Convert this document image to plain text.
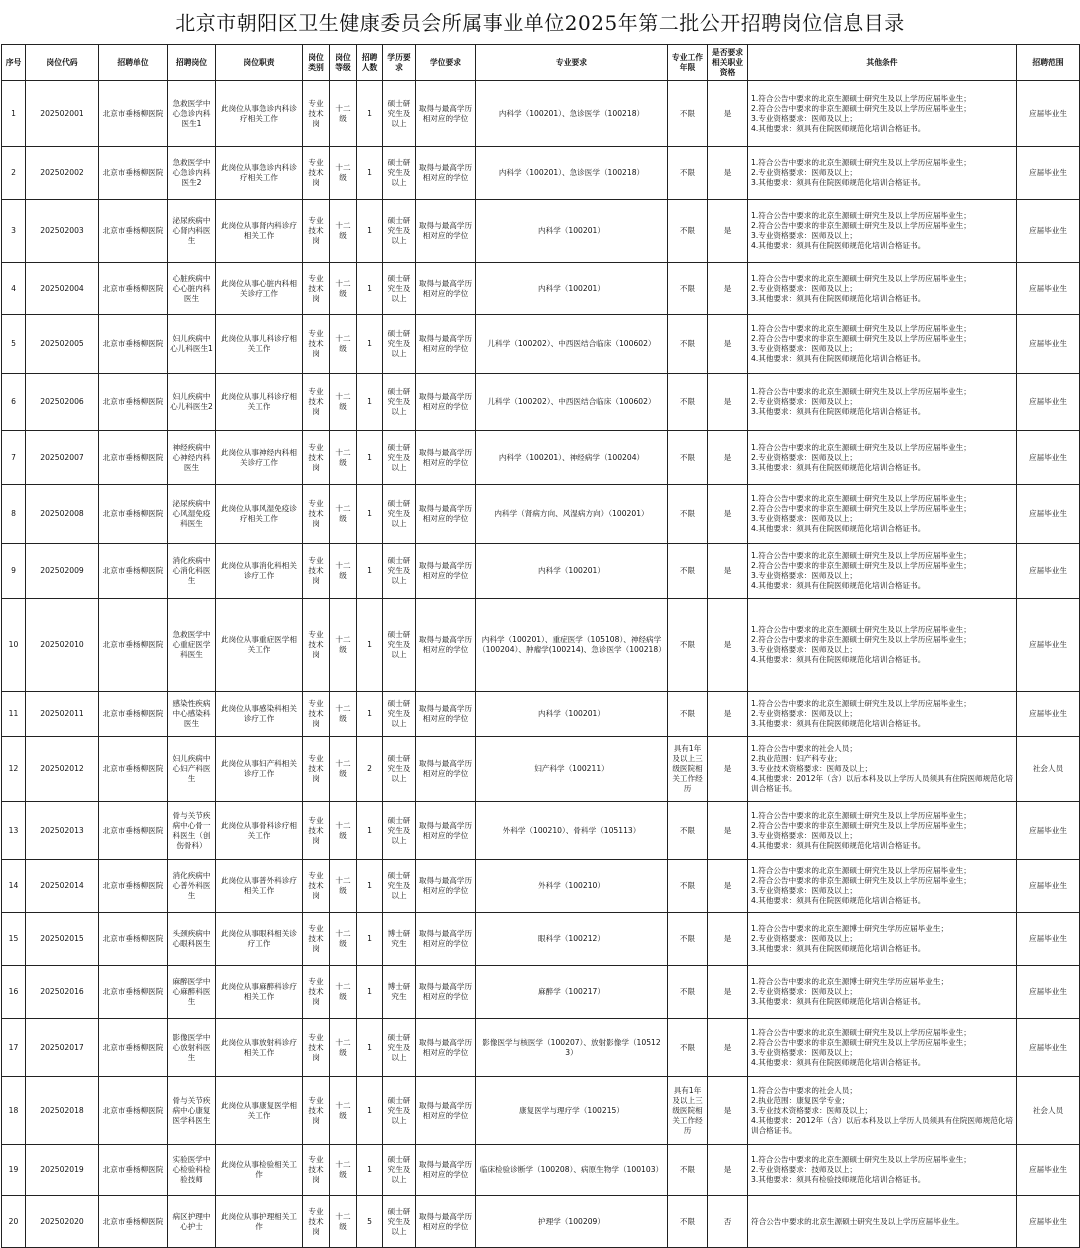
北京市朝阳区卫生健康委员会所属事业单位2025年第二批公开招聘岗位信息目录
序号	岗位代码	招聘单位	招聘岗位	岗位职责	岗位类别	岗位等级	招聘人数	学历要求	学位要求	专业要求	专业工作年限	是否要求相关职业资格	其他条件	招聘范围
1	202502001	北京市垂杨柳医院	急救医学中心急诊内科医生1	此岗位从事急诊内科诊疗相关工作	专业技术岗	十二级	1	硕士研究生及以上	取得与最高学历相对应的学位	内科学（100201）、急诊医学（100218）	不限	是	1.符合公告中要求的北京生源硕士研究生及以上学历应届毕业生；
2.符合公告中要求的非京生源硕士研究生及以上学历应届毕业生；
3.专业资格要求：医师及以上；
4.其他要求：须具有住院医师规范化培训合格证书。	应届毕业生
2	202502002	北京市垂杨柳医院	急救医学中心急诊内科医生2	此岗位从事急诊内科诊疗相关工作	专业技术岗	十二级	1	硕士研究生及以上	取得与最高学历相对应的学位	内科学（100201）、急诊医学（100218）	不限	是	1.符合公告中要求的北京生源硕士研究生及以上学历应届毕业生；
2.专业资格要求：医师及以上；
3.其他要求：须具有住院医师规范化培训合格证书。	应届毕业生
3	202502003	北京市垂杨柳医院	泌尿疾病中心肾内科医生	此岗位从事肾内科诊疗相关工作	专业技术岗	十二级	1	硕士研究生及以上	取得与最高学历相对应的学位	内科学（100201）	不限	是	1.符合公告中要求的北京生源硕士研究生及以上学历应届毕业生；
2.符合公告中要求的非京生源硕士研究生及以上学历应届毕业生；
3.专业资格要求：医师及以上；
4.其他要求：须具有住院医师规范化培训合格证书。	应届毕业生
4	202502004	北京市垂杨柳医院	心脏疾病中心心脏内科医生	此岗位从事心脏内科相关诊疗工作	专业技术岗	十二级	1	硕士研究生及以上	取得与最高学历相对应的学位	内科学（100201）	不限	是	1.符合公告中要求的北京生源硕士研究生及以上学历应届毕业生；
2.专业资格要求：医师及以上；
3.其他要求：须具有住院医师规范化培训合格证书。	应届毕业生
5	202502005	北京市垂杨柳医院	妇儿疾病中心儿科医生1	此岗位从事儿科诊疗相关工作	专业技术岗	十二级	1	硕士研究生及以上	取得与最高学历相对应的学位	儿科学（100202）、中西医结合临床（100602）	不限	是	1.符合公告中要求的北京生源硕士研究生及以上学历应届毕业生；
2.符合公告中要求的非京生源硕士研究生及以上学历应届毕业生；
3.专业资格要求：医师及以上；
4.其他要求：须具有住院医师规范化培训合格证书。	应届毕业生
6	202502006	北京市垂杨柳医院	妇儿疾病中心儿科医生2	此岗位从事儿科诊疗相关工作	专业技术岗	十二级	1	硕士研究生及以上	取得与最高学历相对应的学位	儿科学（100202）、中西医结合临床（100602）	不限	是	1.符合公告中要求的北京生源硕士研究生及以上学历应届毕业生；
2.专业资格要求：医师及以上；
3.其他要求：须具有住院医师规范化培训合格证书。	应届毕业生
7	202502007	北京市垂杨柳医院	神经疾病中心神经内科医生	此岗位从事神经内科相关诊疗工作	专业技术岗	十二级	1	硕士研究生及以上	取得与最高学历相对应的学位	内科学（100201）、神经病学（100204）	不限	是	1.符合公告中要求的北京生源硕士研究生及以上学历应届毕业生；
2.专业资格要求：医师及以上；
3.其他要求：须具有住院医师规范化培训合格证书。	应届毕业生
8	202502008	北京市垂杨柳医院	泌尿疾病中心风湿免疫科医生	此岗位从事风湿免疫诊疗相关工作	专业技术岗	十二级	1	硕士研究生及以上	取得与最高学历相对应的学位	内科学（肾病方向、风湿病方向）（100201）	不限	是	1.符合公告中要求的北京生源硕士研究生及以上学历应届毕业生；
2.符合公告中要求的非京生源硕士研究生及以上学历应届毕业生；
3.专业资格要求：医师及以上；
4.其他要求：须具有住院医师规范化培训合格证书。	应届毕业生
9	202502009	北京市垂杨柳医院	消化疾病中心消化科医生	此岗位从事消化科相关诊疗工作	专业技术岗	十二级	1	硕士研究生及以上	取得与最高学历相对应的学位	内科学（100201）	不限	是	1.符合公告中要求的北京生源硕士研究生及以上学历应届毕业生；
2.符合公告中要求的非京生源硕士研究生及以上学历应届毕业生；
3.专业资格要求：医师及以上；
4.其他要求：须具有住院医师规范化培训合格证书。	应届毕业生
10	202502010	北京市垂杨柳医院	急救医学中心重症医学科医生	此岗位从事重症医学相关工作	专业技术岗	十二级	1	硕士研究生及以上	取得与最高学历相对应的学位	内科学（100201）、重症医学（105108）、神经病学（100204）、肿瘤学(100214)、急诊医学（100218）	不限	是	1.符合公告中要求的北京生源硕士研究生及以上学历应届毕业生；
2.符合公告中要求的非京生源硕士研究生及以上学历应届毕业生；
3.专业资格要求：医师及以上；
4.其他要求：须具有住院医师规范化培训合格证书。	应届毕业生
11	202502011	北京市垂杨柳医院	感染性疾病中心感染科医生	此岗位从事感染科相关诊疗工作	专业技术岗	十二级	1	硕士研究生及以上	取得与最高学历相对应的学位	内科学（100201）	不限	是	1.符合公告中要求的北京生源硕士研究生及以上学历应届毕业生；
2.专业资格要求：医师及以上；
3.其他要求：须具有住院医师规范化培训合格证书。	应届毕业生
12	202502012	北京市垂杨柳医院	妇儿疾病中心妇产科医生	此岗位从事妇产科相关诊疗工作	专业技术岗	十二级	2	硕士研究生及以上	取得与最高学历相对应的学位	妇产科学（100211）	具有1年及以上三级医院相关工作经历	是	1.符合公告中要求的社会人员；
2.执业范围：妇产科专业；
3.专业技术资格要求：医师及以上；
4.其他要求：2012年（含）以后本科及以上学历人员须具有住院医师规范化培训合格证书。	社会人员
13	202502013	北京市垂杨柳医院	骨与关节疾病中心骨一科医生（创伤骨科）	此岗位从事骨科诊疗相关工作	专业技术岗	十二级	1	硕士研究生及以上	取得与最高学历相对应的学位	外科学（100210）、骨科学（105113）	不限	是	1.符合公告中要求的北京生源硕士研究生及以上学历应届毕业生；
2.符合公告中要求的非京生源硕士研究生及以上学历应届毕业生；
3.专业资格要求：医师及以上；
4.其他要求：须具有住院医师规范化培训合格证书。	应届毕业生
14	202502014	北京市垂杨柳医院	消化疾病中心普外科医生	此岗位从事普外科诊疗相关工作	专业技术岗	十二级	1	硕士研究生及以上	取得与最高学历相对应的学位	外科学（100210）	不限	是	1.符合公告中要求的北京生源硕士研究生及以上学历应届毕业生；
2.符合公告中要求的非京生源硕士研究生及以上学历应届毕业生；
3.专业资格要求：医师及以上；
4.其他要求：须具有住院医师规范化培训合格证书。	应届毕业生
15	202502015	北京市垂杨柳医院	头颈疾病中心眼科医生	此岗位从事眼科相关诊疗工作	专业技术岗	十二级	1	博士研究生	取得与最高学历相对应的学位	眼科学（100212）	不限	是	1.符合公告中要求的北京生源博士研究生学历应届毕业生；
2.专业资格要求：医师及以上；
3.其他要求：须具有住院医师规范化培训合格证书。	应届毕业生
16	202502016	北京市垂杨柳医院	麻醉医学中心麻醉科医生	此岗位从事麻醉科诊疗相关工作	专业技术岗	十二级	1	博士研究生	取得与最高学历相对应的学位	麻醉学（100217）	不限	是	1.符合公告中要求的北京生源博士研究生学历应届毕业生；
2.专业资格要求：医师及以上；
3.其他要求：须具有住院医师规范化培训合格证书。	应届毕业生
17	202502017	北京市垂杨柳医院	影像医学中心放射科医生	此岗位从事放射科诊疗相关工作	专业技术岗	十二级	1	硕士研究生及以上	取得与最高学历相对应的学位	影像医学与核医学（100207）、放射影像学（105123）	不限	是	1.符合公告中要求的北京生源硕士研究生及以上学历应届毕业生；
2.符合公告中要求的非京生源硕士研究生及以上学历应届毕业生；
3.专业资格要求：医师及以上；
4.其他要求：须具有住院医师规范化培训合格证书。	应届毕业生
18	202502018	北京市垂杨柳医院	骨与关节疾病中心康复医学科医生	此岗位从事康复医学相关工作	专业技术岗	十二级	1	硕士研究生及以上	取得与最高学历相对应的学位	康复医学与理疗学（100215）	具有1年及以上三级医院相关工作经历	是	1.符合公告中要求的社会人员；
2.执业范围：康复医学专业；
3.专业技术资格要求：医师及以上；
4.其他要求：2012年（含）以后本科及以上学历人员须具有住院医师规范化培训合格证书。	社会人员
19	202502019	北京市垂杨柳医院	实验医学中心检验科检验技师	此岗位从事检验相关工作	专业技术岗	十二级	1	硕士研究生及以上	取得与最高学历相对应的学位	临床检验诊断学（100208）、病原生物学（100103）	不限	是	1.符合公告中要求的北京生源硕士研究生及以上学历应届毕业生；
2.专业资格要求：技师及以上；
3.其他要求：须具有检验技师规范化培训合格证书。	应届毕业生
20	202502020	北京市垂杨柳医院	病区护理中心护士	此岗位从事护理相关工作	专业技术岗	十二级	5	硕士研究生及以上	取得与最高学历相对应的学位	护理学（100209）	不限	否	符合公告中要求的北京生源硕士研究生及以上学历应届毕业生。	应届毕业生
